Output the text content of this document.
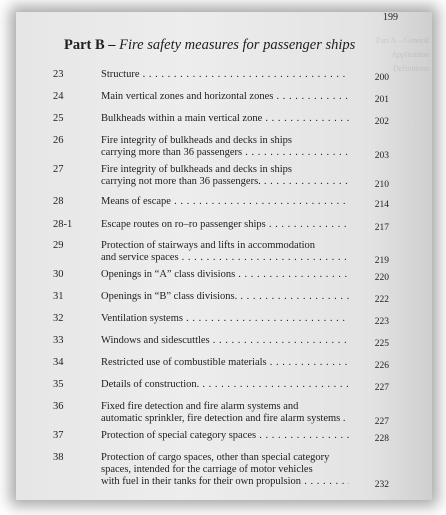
Part A – General
Application
Definitions
199
Part B – Fire safety measures for passenger ships
23	Structure . . .	200
24	Main vertical zones and horizontal zones . . .	201
25	Bulkheads within a main vertical zone . . .	202
26	Fire integrity of bulkheads and decks in ships
carrying more than 36 passengers . . .	203
27	Fire integrity of bulkheads and decks in ships
carrying not more than 36 passengers. . . .	210
28	Means of escape . . .	214
28-1	Escape routes on ro–ro passenger ships . . .	217
29	Protection of stairways and lifts in accommodation
and service spaces . . .	219
30	Openings in “A” class divisions . . .	220
31	Openings in “B” class divisions. . . .	222
32	Ventilation systems . . .	223
33	Windows and sidescuttles . . .	225
34	Restricted use of combustible materials . . .	226
35	Details of construction. . . .	227
36	Fixed fire detection and fire alarm systems and
automatic sprinkler, fire detection and fire alarm systems . . . .	227
37	Protection of special category spaces . . .	228
38	Protection of cargo spaces, other than special category
spaces, intended for the carriage of motor vehicles
with fuel in their tanks for their own propulsion . . .	232
